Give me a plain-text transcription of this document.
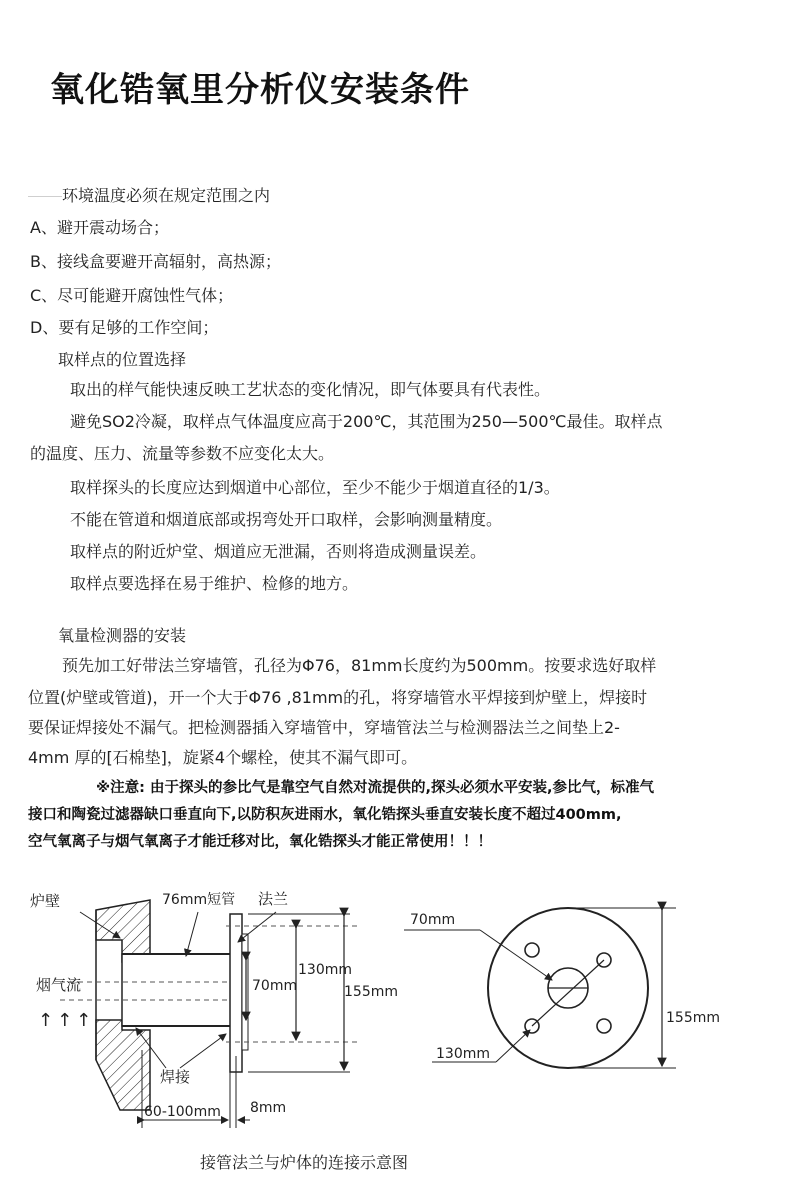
氧化锆氧里分析仪安装条件
环境温度必须在规定范围之内
A、避开震动场合；
B、接线盒要避开高辐射，高热源；
C、尽可能避开腐蚀性气体；
D、要有足够的工作空间；
取样点的位置选择
取出的样气能快速反映工艺状态的变化情况，即气体要具有代表性。
避免SO2冷凝，取样点气体温度应高于200℃，其范围为250—500℃最佳。取样点
的温度、压力、流量等参数不应变化太大。
取样探头的长度应达到烟道中心部位，至少不能少于烟道直径的1/3。
不能在管道和烟道底部或拐弯处开口取样，会影响测量精度。
取样点的附近炉堂、烟道应无泄漏，否则将造成测量误差。
取样点要选择在易于维护、检修的地方。
氧量检测器的安装
预先加工好带法兰穿墙管，孔径为Φ76，81mm长度约为500mm。按要求选好取样
位置(炉壁或管道)，开一个大于Φ76 ,81mm的孔，将穿墙管水平焊接到炉壁上，焊接时
要保证焊接处不漏气。把检测器插入穿墙管中，穿墙管法兰与检测器法兰之间垫上2-
4mm 厚的[石棉垫]，旋紧4个螺栓，使其不漏气即可。
※注意: 由于探头的参比气是靠空气自然对流提供的,探头必须水平安装,参比气，标准气
接口和陶瓷过滤器缺口垂直向下,以防积灰进雨水，氧化锆探头垂直安装长度不超过400mm,
空气氧离子与烟气氧离子才能迁移对比，氧化锆探头才能正常使用！！！
炉壁	76mm短管 法兰
烟气流
↑↑↑
焊接
130mm
70mm	155mm
60-100mm 8mm
70mm
155mm
130mm
接管法兰与炉体的连接示意图
